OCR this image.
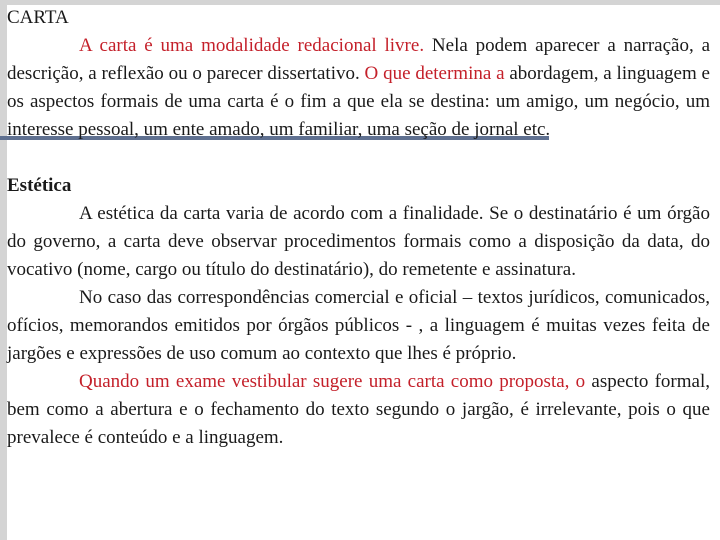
CARTA

A carta é uma modalidade redacional livre. Nela podem aparecer a narração, a descrição, a reflexão ou o parecer dissertativo. O que determina a abordagem, a linguagem e os aspectos formais de uma carta é o fim a que ela se destina: um amigo, um negócio, um interesse pessoal, um ente amado, um familiar, uma seção de jornal etc.

Estética

A estética da carta varia de acordo com a finalidade. Se o destinatário é um órgão do governo, a carta deve observar procedimentos formais como a disposição da data, do vocativo (nome, cargo ou título do destinatário), do remetente e assinatura.

No caso das correspondências comercial e oficial – textos jurídicos, comunicados, ofícios, memorandos emitidos por órgãos públicos - , a linguagem é muitas vezes feita de jargões e expressões de uso comum ao contexto que lhes é próprio.

Quando um exame vestibular sugere uma carta como proposta, o aspecto formal, bem como a abertura e o fechamento do texto segundo o jargão, é irrelevante, pois o que prevalece é conteúdo e a linguagem.
